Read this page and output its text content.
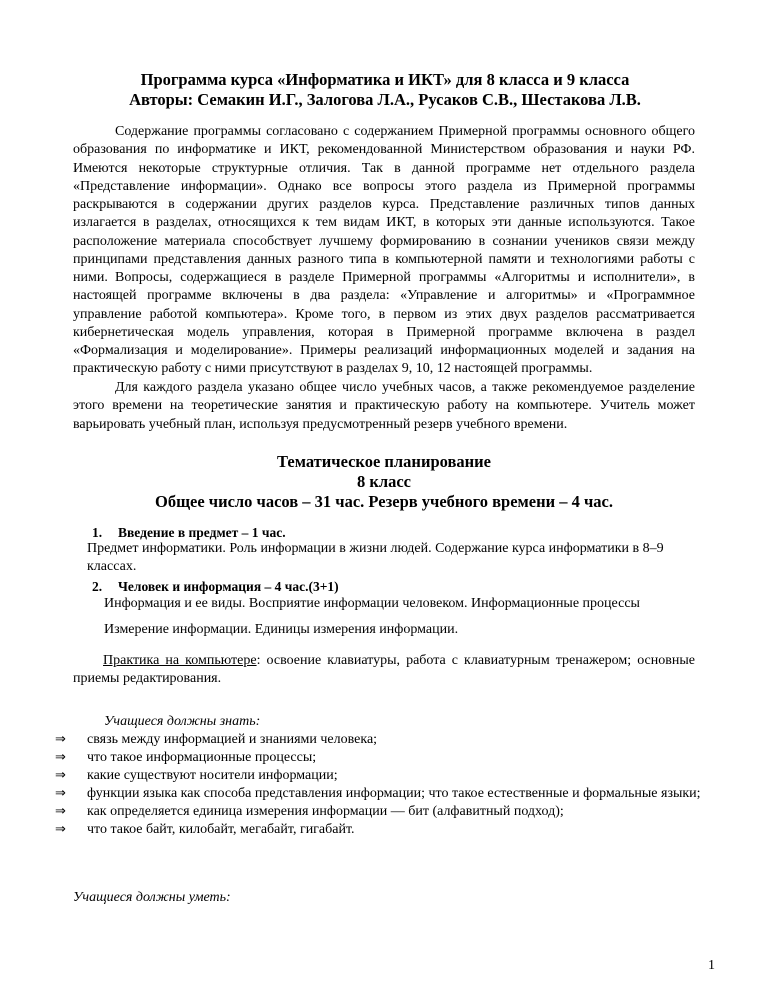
Программа курса «Информатика и ИКТ» для 8 класса и 9 класса
Авторы: Семакин И.Г., Залогова Л.А., Русаков С.В., Шестакова Л.В.
Содержание программы согласовано с содержанием Примерной программы основного общего образования по информатике и ИКТ, рекомендованной Министерством образования и науки РФ. Имеются некоторые структурные отличия. Так в данной программе нет отдельного раздела «Представление информации». Однако все вопросы этого раздела из Примерной программы раскрываются в содержании других разделов курса. Представление различных типов данных излагается в разделах, относящихся к тем видам ИКТ, в которых эти данные используются. Такое расположение материала способствует лучшему формированию в сознании учеников связи между принципами представления данных разного типа в компьютерной памяти и технологиями работы с ними. Вопросы, содержащиеся в разделе Примерной программы «Алгоритмы и исполнители», в настоящей программе включены в два раздела: «Управление и алгоритмы» и «Программное управление работой компьютера». Кроме того, в первом из этих двух разделов рассматривается кибернетическая модель управления, которая в Примерной программе включена в раздел «Формализация и моделирование». Примеры реализаций информационных моделей и задания на практическую работу с ними присутствуют в разделах 9, 10, 12 настоящей программы.
Для каждого раздела указано общее число учебных часов, а также рекомендуемое разделение этого времени на теоретические занятия и практическую работу на компьютере. Учитель может варьировать учебный план, используя предусмотренный резерв учебного времени.
Тематическое планирование
8 класс
Общее число часов – 31 час. Резерв учебного времени – 4 час.
1. Введение в предмет – 1 час.
Предмет информатики. Роль информации в жизни людей. Содержание курса информатики в 8–9 классах.
2. Человек и информация – 4 час.(3+1)
Информация и ее виды. Восприятие информации человеком. Информационные процессы
Измерение информации. Единицы измерения информации.
Практика на компьютере: освоение клавиатуры, работа с клавиатурным тренажером; основные приемы редактирования.
Учащиеся должны знать:
⇒ связь между информацией и знаниями человека;
⇒ что такое информационные процессы;
⇒ какие существуют носители информации;
⇒ функции языка как способа представления информации; что такое естественные и формальные языки;
⇒ как определяется единица измерения информации — бит (алфавитный подход);
⇒ что такое байт, килобайт, мегабайт, гигабайт.
Учащиеся должны уметь:
1
